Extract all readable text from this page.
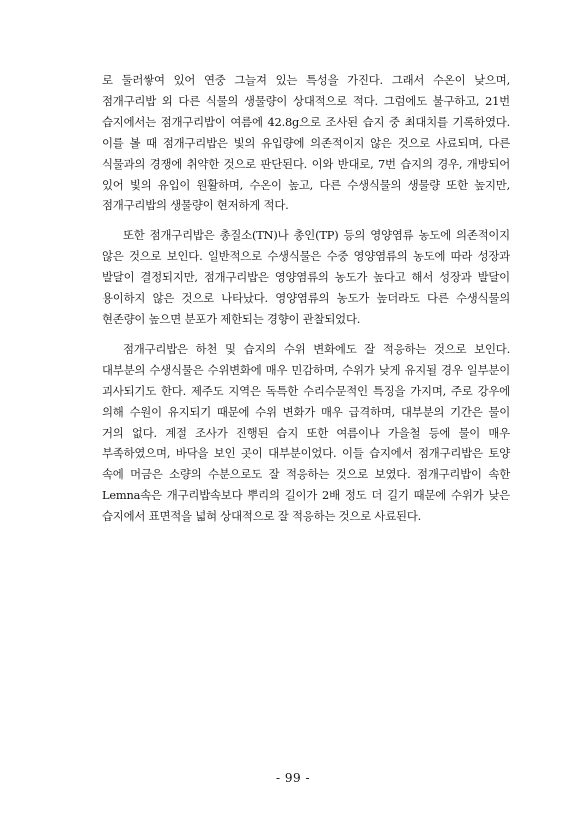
로 둘러쌓여 있어 연중 그늘져 있는 특성을 가진다. 그래서 수온이 낮으며, 점개구리밥 외 다른 식물의 생물량이 상대적으로 적다. 그럼에도 불구하고, 21번 습지에서는 점개구리밥이 여름에 42.8g으로 조사된 습지 중 최대치를 기록하였다. 이를 볼 때 점개구리밥은 빛의 유입량에 의존적이지 않은 것으로 사료되며, 다른 식물과의 경쟁에 취약한 것으로 판단된다. 이와 반대로, 7번 습지의 경우, 개방되어 있어 빛의 유입이 원활하며, 수온이 높고, 다른 수생식물의 생물량 또한 높지만, 점개구리밥의 생물량이 현저하게 적다.

또한 점개구리밥은 총질소(TN)나 총인(TP) 등의 영양염류 농도에 의존적이지 않은 것으로 보인다. 일반적으로 수생식물은 수중 영양염류의 농도에 따라 성장과 발달이 결정되지만, 점개구리밥은 영양염류의 농도가 높다고 해서 성장과 발달이 용이하지 않은 것으로 나타났다. 영양염류의 농도가 높더라도 다른 수생식물의 현존량이 높으면 분포가 제한되는 경향이 관찰되었다.

점개구리밥은 하천 및 습지의 수위 변화에도 잘 적응하는 것으로 보인다. 대부분의 수생식물은 수위변화에 매우 민감하며, 수위가 낮게 유지될 경우 일부분이 괴사되기도 한다. 제주도 지역은 독특한 수리수문적인 특징을 가지며, 주로 강우에 의해 수원이 유지되기 때문에 수위 변화가 매우 급격하며, 대부분의 기간은 물이 거의 없다. 계절 조사가 진행된 습지 또한 여름이나 가을철 등에 물이 매우 부족하였으며, 바닥을 보인 곳이 대부분이었다. 이들 습지에서 점개구리밥은 토양 속에 머금은 소량의 수분으로도 잘 적응하는 것으로 보였다. 점개구리밥이 속한 Lemna속은 개구리밥속보다 뿌리의 길이가 2배 정도 더 길기 때문에 수위가 낮은 습지에서 표면적을 넓혀 상대적으로 잘 적응하는 것으로 사료된다.

- 99 -
